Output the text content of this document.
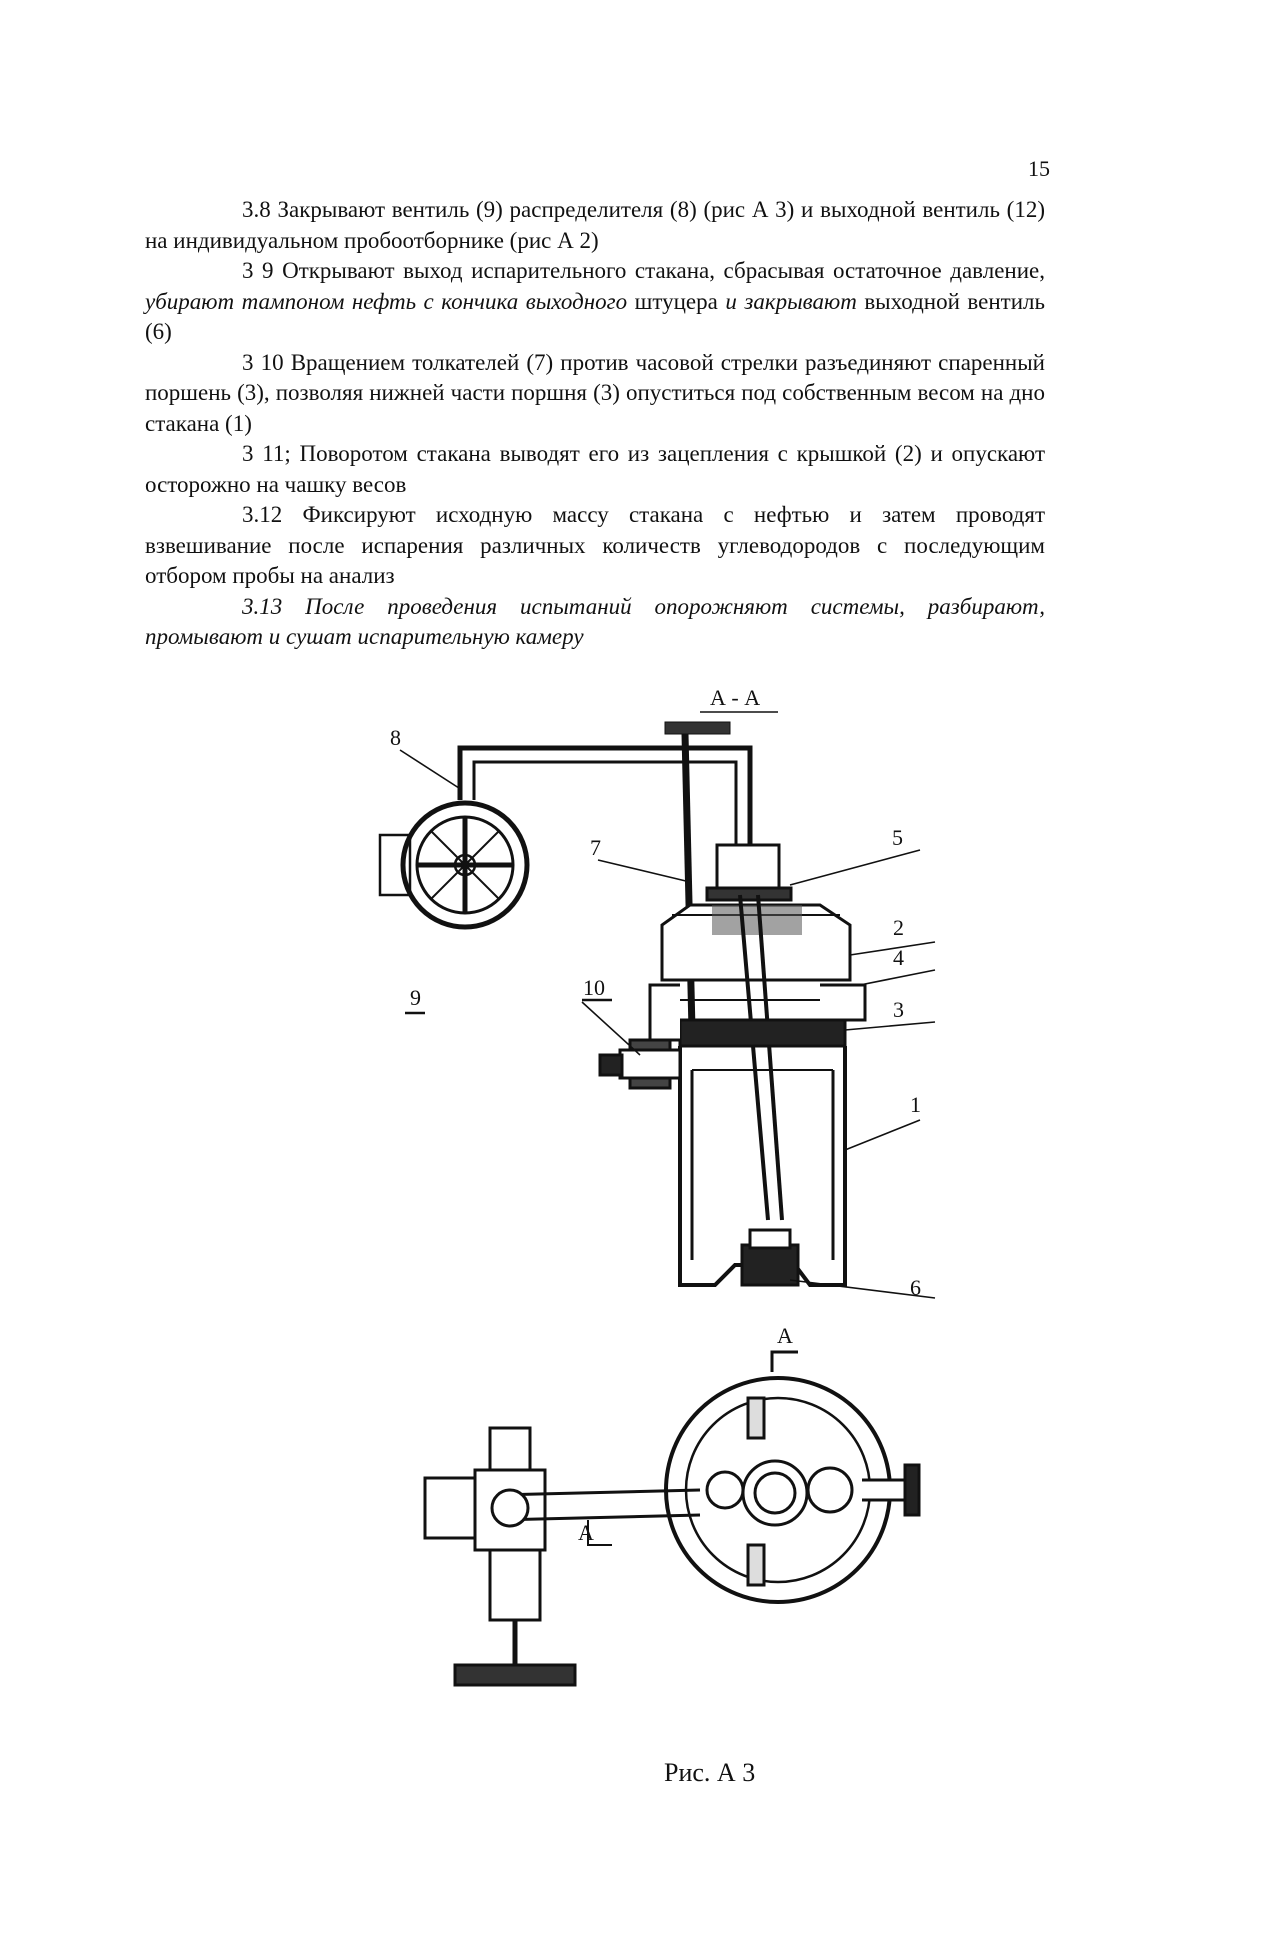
15

3.8 Закрывают вентиль (9) распределителя (8) (рис А 3) и выходной вентиль (12) на индивидуальном пробоотборнике (рис А 2)

3 9 Открывают выход испарительного стакана, сбрасывая остаточное давление, убирают тампоном нефть с кончика выходного штуцера и закрывают выходной вентиль (6)

3 10 Вращением толкателей (7) против часовой стрелки разъединяют спаренный поршень (3), позволяя нижней части поршня (3) опуститься под собственным весом на дно стакана (1)

3 11; Поворотом стакана выводят его из зацепления с крышкой (2) и опускают осторожно на чашку весов

3.12 Фиксируют исходную массу стакана с нефтью и затем проводят взвешивание после испарения различных количеств углеводородов с последующим отбором пробы на анализ

3.13 После проведения испытаний опорожняют системы, разбирают, промывают и сушат испарительную камеру

А - А
8
7	5
2
4
3
1
6
9	10
А
А
Рис. А 3
